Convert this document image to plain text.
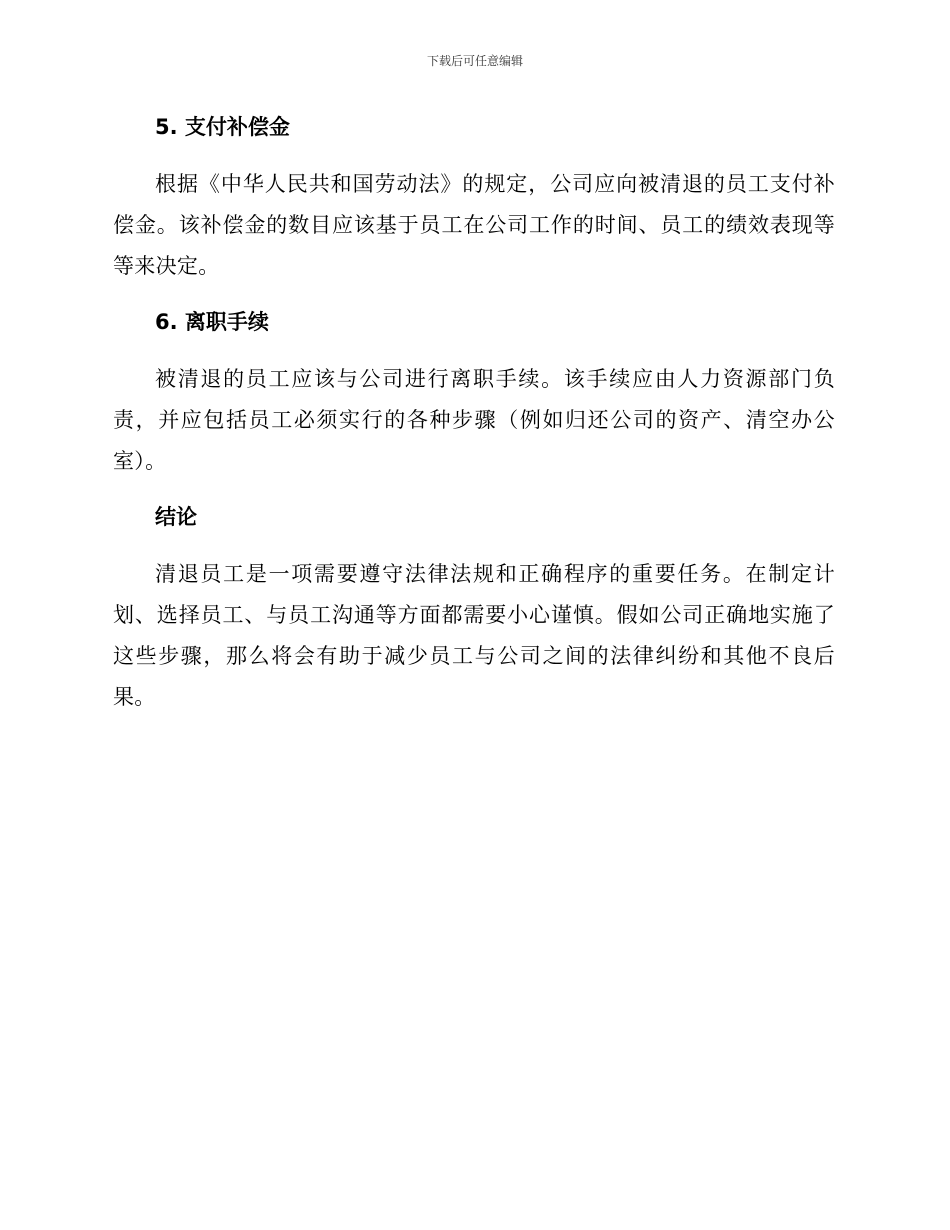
下载后可任意编辑
5. 支付补偿金

根据《中华人民共和国劳动法》的规定，公司应向被清退的员工支付补偿金。该补偿金的数目应该基于员工在公司工作的时间、员工的绩效表现等等来决定。

6. 离职手续

被清退的员工应该与公司进行离职手续。该手续应由人力资源部门负责，并应包括员工必须实行的各种步骤（例如归还公司的资产、清空办公室）。

结论

清退员工是一项需要遵守法律法规和正确程序的重要任务。在制定计划、选择员工、与员工沟通等方面都需要小心谨慎。假如公司正确地实施了这些步骤，那么将会有助于减少员工与公司之间的法律纠纷和其他不良后果。
